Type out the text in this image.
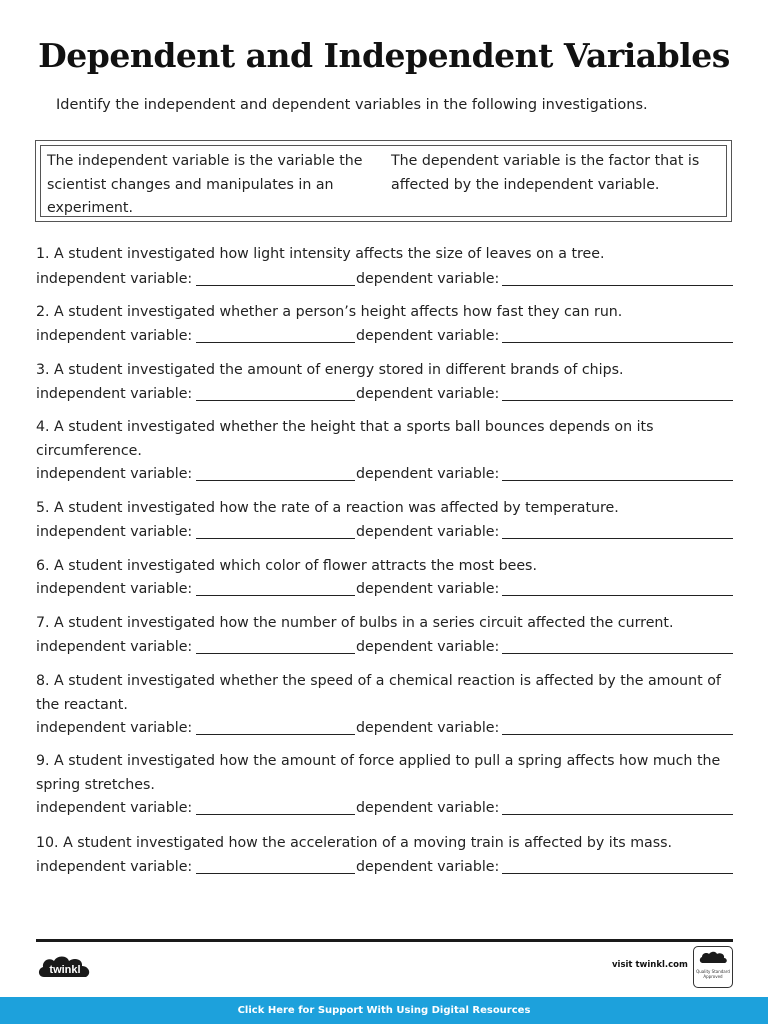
Dependent and Independent Variables
Identify the independent and dependent variables in the following investigations.
The independent variable is the variable the scientist changes and manipulates in an experiment.
The dependent variable is the factor that is affected by the independent variable.
1. A student investigated how light intensity affects the size of leaves on a tree.
independent variable:	dependent variable:
2. A student investigated whether a person’s height affects how fast they can run.
independent variable:	dependent variable:
3. A student investigated the amount of energy stored in different brands of chips.
independent variable:	dependent variable:
4. A student investigated whether the height that a sports ball bounces depends on its circumference.
independent variable:	dependent variable:
5. A student investigated how the rate of a reaction was affected by temperature.
independent variable:	dependent variable:
6. A student investigated which color of flower attracts the most bees.
independent variable:	dependent variable:
7. A student investigated how the number of bulbs in a series circuit affected the current.
independent variable:	dependent variable:
8. A student investigated whether the speed of a chemical reaction is affected by the amount of the reactant.
independent variable:	dependent variable:
9. A student investigated how the amount of force applied to pull a spring affects how much the spring stretches.
independent variable:	dependent variable:
10. A student investigated how the acceleration of a moving train is affected by its mass.
independent variable:	dependent variable:
twinkl	visit twinkl.com
Quality Standard Approved
Click Here for Support With Using Digital Resources
